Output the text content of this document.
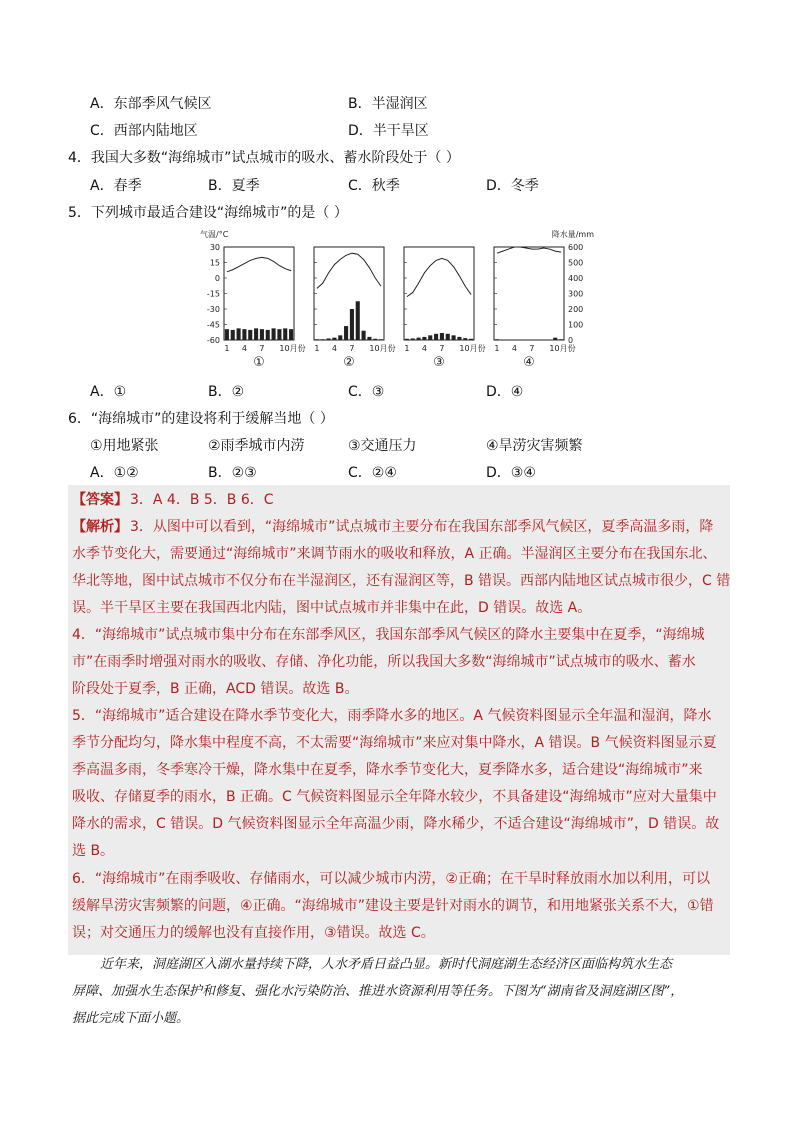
A．东部季风气候区	B．半湿润区
C．西部内陆地区	D．半干旱区
4．我国大多数“海绵城市”试点城市的吸水、蓄水阶段处于（ ）
A．春季	B．夏季	C．秋季	D．冬季
5．下列城市最适合建设“海绵城市”的是（ ）
气温/°C	降水量/mm
30
15
0
-15
-30
-45
-60
600
500
400
300
200
100
0
1 4 7 10月份
①
1 4 7 10月份
②
1 4 7 10月份
③
1 4 7 10月份
④
A．①	B．②	C．③	D．④
6．“海绵城市”的建设将利于缓解当地（ ）
①用地紧张	②雨季城市内涝	③交通压力	④旱涝灾害频繁
A．①②	B．②③	C．②④	D．③④
【答案】 3．A 4．B 5．B 6．C
【解析】 3．从图中可以看到，“海绵城市”试点城市主要分布在我国东部季风气候区，夏季高温多雨，降
水季节变化大，需要通过“海绵城市”来调节雨水的吸收和释放，A 正确。半湿润区主要分布在我国东北、
华北等地，图中试点城市不仅分布在半湿润区，还有湿润区等，B 错误。西部内陆地区试点城市很少，C 错
误。半干旱区主要在我国西北内陆，图中试点城市并非集中在此，D 错误。故选 A。
4．“海绵城市”试点城市集中分布在东部季风区，我国东部季风气候区的降水主要集中在夏季，“海绵城
市”在雨季时增强对雨水的吸收、存储、净化功能，所以我国大多数“海绵城市”试点城市的吸水、蓄水
阶段处于夏季，B 正确，ACD 错误。故选 B。
5．“海绵城市”适合建设在降水季节变化大，雨季降水多的地区。A 气候资料图显示全年温和湿润，降水
季节分配均匀，降水集中程度不高，不太需要“海绵城市”来应对集中降水，A 错误。B 气候资料图显示夏
季高温多雨，冬季寒冷干燥，降水集中在夏季，降水季节变化大，夏季降水多，适合建设“海绵城市”来
吸收、存储夏季的雨水，B 正确。C 气候资料图显示全年降水较少，不具备建设“海绵城市”应对大量集中
降水的需求，C 错误。D 气候资料图显示全年高温少雨，降水稀少，不适合建设“海绵城市”，D 错误。故
选 B。
6．“海绵城市”在雨季吸收、存储雨水，可以减少城市内涝，②正确；在干旱时释放雨水加以利用，可以
缓解旱涝灾害频繁的问题，④正确。“海绵城市”建设主要是针对雨水的调节，和用地紧张关系不大，①错
误；对交通压力的缓解也没有直接作用，③错误。故选 C。
近年来，洞庭湖区入湖水量持续下降，人水矛盾日益凸显。新时代洞庭湖生态经济区面临构筑水生态
屏障、加强水生态保护和修复、强化水污染防治、推进水资源利用等任务。下图为“湖南省及洞庭湖区图”，
据此完成下面小题。
